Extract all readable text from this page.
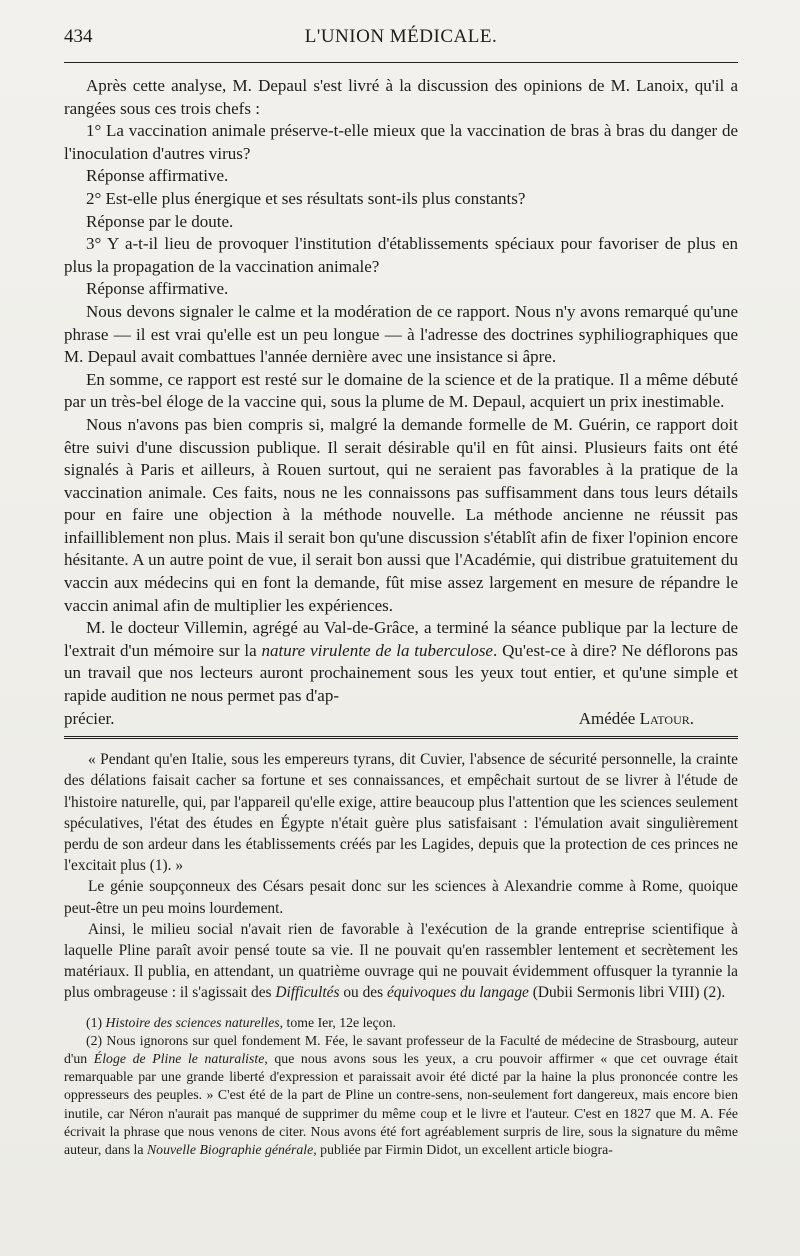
434	L'UNION MÉDICALE.

Après cette analyse, M. Depaul s'est livré à la discussion des opinions de M. Lanoix, qu'il a rangées sous ces trois chefs :

1° La vaccination animale préserve-t-elle mieux que la vaccination de bras à bras du danger de l'inoculation d'autres virus?

Réponse affirmative.

2° Est-elle plus énergique et ses résultats sont-ils plus constants?

Réponse par le doute.

3° Y a-t-il lieu de provoquer l'institution d'établissements spéciaux pour favoriser de plus en plus la propagation de la vaccination animale?

Réponse affirmative.

Nous devons signaler le calme et la modération de ce rapport. Nous n'y avons remarqué qu'une phrase — il est vrai qu'elle est un peu longue — à l'adresse des doctrines syphiliographiques que M. Depaul avait combattues l'année dernière avec une insistance si âpre.

En somme, ce rapport est resté sur le domaine de la science et de la pratique. Il a même débuté par un très-bel éloge de la vaccine qui, sous la plume de M. Depaul, acquiert un prix inestimable.

Nous n'avons pas bien compris si, malgré la demande formelle de M. Guérin, ce rapport doit être suivi d'une discussion publique. Il serait désirable qu'il en fût ainsi. Plusieurs faits ont été signalés à Paris et ailleurs, à Rouen surtout, qui ne seraient pas favorables à la pratique de la vaccination animale. Ces faits, nous ne les connaissons pas suffisamment dans tous leurs détails pour en faire une objection à la méthode nouvelle. La méthode ancienne ne réussit pas infailliblement non plus. Mais il serait bon qu'une discussion s'établît afin de fixer l'opinion encore hésitante. A un autre point de vue, il serait bon aussi que l'Académie, qui distribue gratuitement du vaccin aux médecins qui en font la demande, fût mise assez largement en mesure de répandre le vaccin animal afin de multiplier les expériences.

M. le docteur Villemin, agrégé au Val-de-Grâce, a terminé la séance publique par la lecture de l'extrait d'un mémoire sur la nature virulente de la tuberculose. Qu'est-ce à dire? Ne déflorons pas un travail que nos lecteurs auront prochainement sous les yeux tout entier, et qu'une simple et rapide audition ne nous permet pas d'ap-

précier.	Amédée Latour.

« Pendant qu'en Italie, sous les empereurs tyrans, dit Cuvier, l'absence de sécurité personnelle, la crainte des délations faisait cacher sa fortune et ses connaissances, et empêchait surtout de se livrer à l'étude de l'histoire naturelle, qui, par l'appareil qu'elle exige, attire beaucoup plus l'attention que les sciences seulement spéculatives, l'état des études en Égypte n'était guère plus satisfaisant : l'émulation avait singulièrement perdu de son ardeur dans les établissements créés par les Lagides, depuis que la protection de ces princes ne l'excitait plus (1). »

Le génie soupçonneux des Césars pesait donc sur les sciences à Alexandrie comme à Rome, quoique peut-être un peu moins lourdement.

Ainsi, le milieu social n'avait rien de favorable à l'exécution de la grande entreprise scientifique à laquelle Pline paraît avoir pensé toute sa vie. Il ne pouvait qu'en rassembler lentement et secrètement les matériaux. Il publia, en attendant, un quatrième ouvrage qui ne pouvait évidemment offusquer la tyrannie la plus ombrageuse : il s'agissait des Difficultés ou des équivoques du langage (Dubii Sermonis libri VIII) (2).

(1) Histoire des sciences naturelles, tome Ier, 12e leçon.

(2) Nous ignorons sur quel fondement M. Fée, le savant professeur de la Faculté de médecine de Strasbourg, auteur d'un Éloge de Pline le naturaliste, que nous avons sous les yeux, a cru pouvoir affirmer « que cet ouvrage était remarquable par une grande liberté d'expression et paraissait avoir été dicté par la haine la plus prononcée contre les oppresseurs des peuples. » C'est été de la part de Pline un contre-sens, non-seulement fort dangereux, mais encore bien inutile, car Néron n'aurait pas manqué de supprimer du même coup et le livre et l'auteur. C'est en 1827 que M. A. Fée écrivait la phrase que nous venons de citer. Nous avons été fort agréablement surpris de lire, sous la signature du même auteur, dans la Nouvelle Biographie générale, publiée par Firmin Didot, un excellent article biogra-
